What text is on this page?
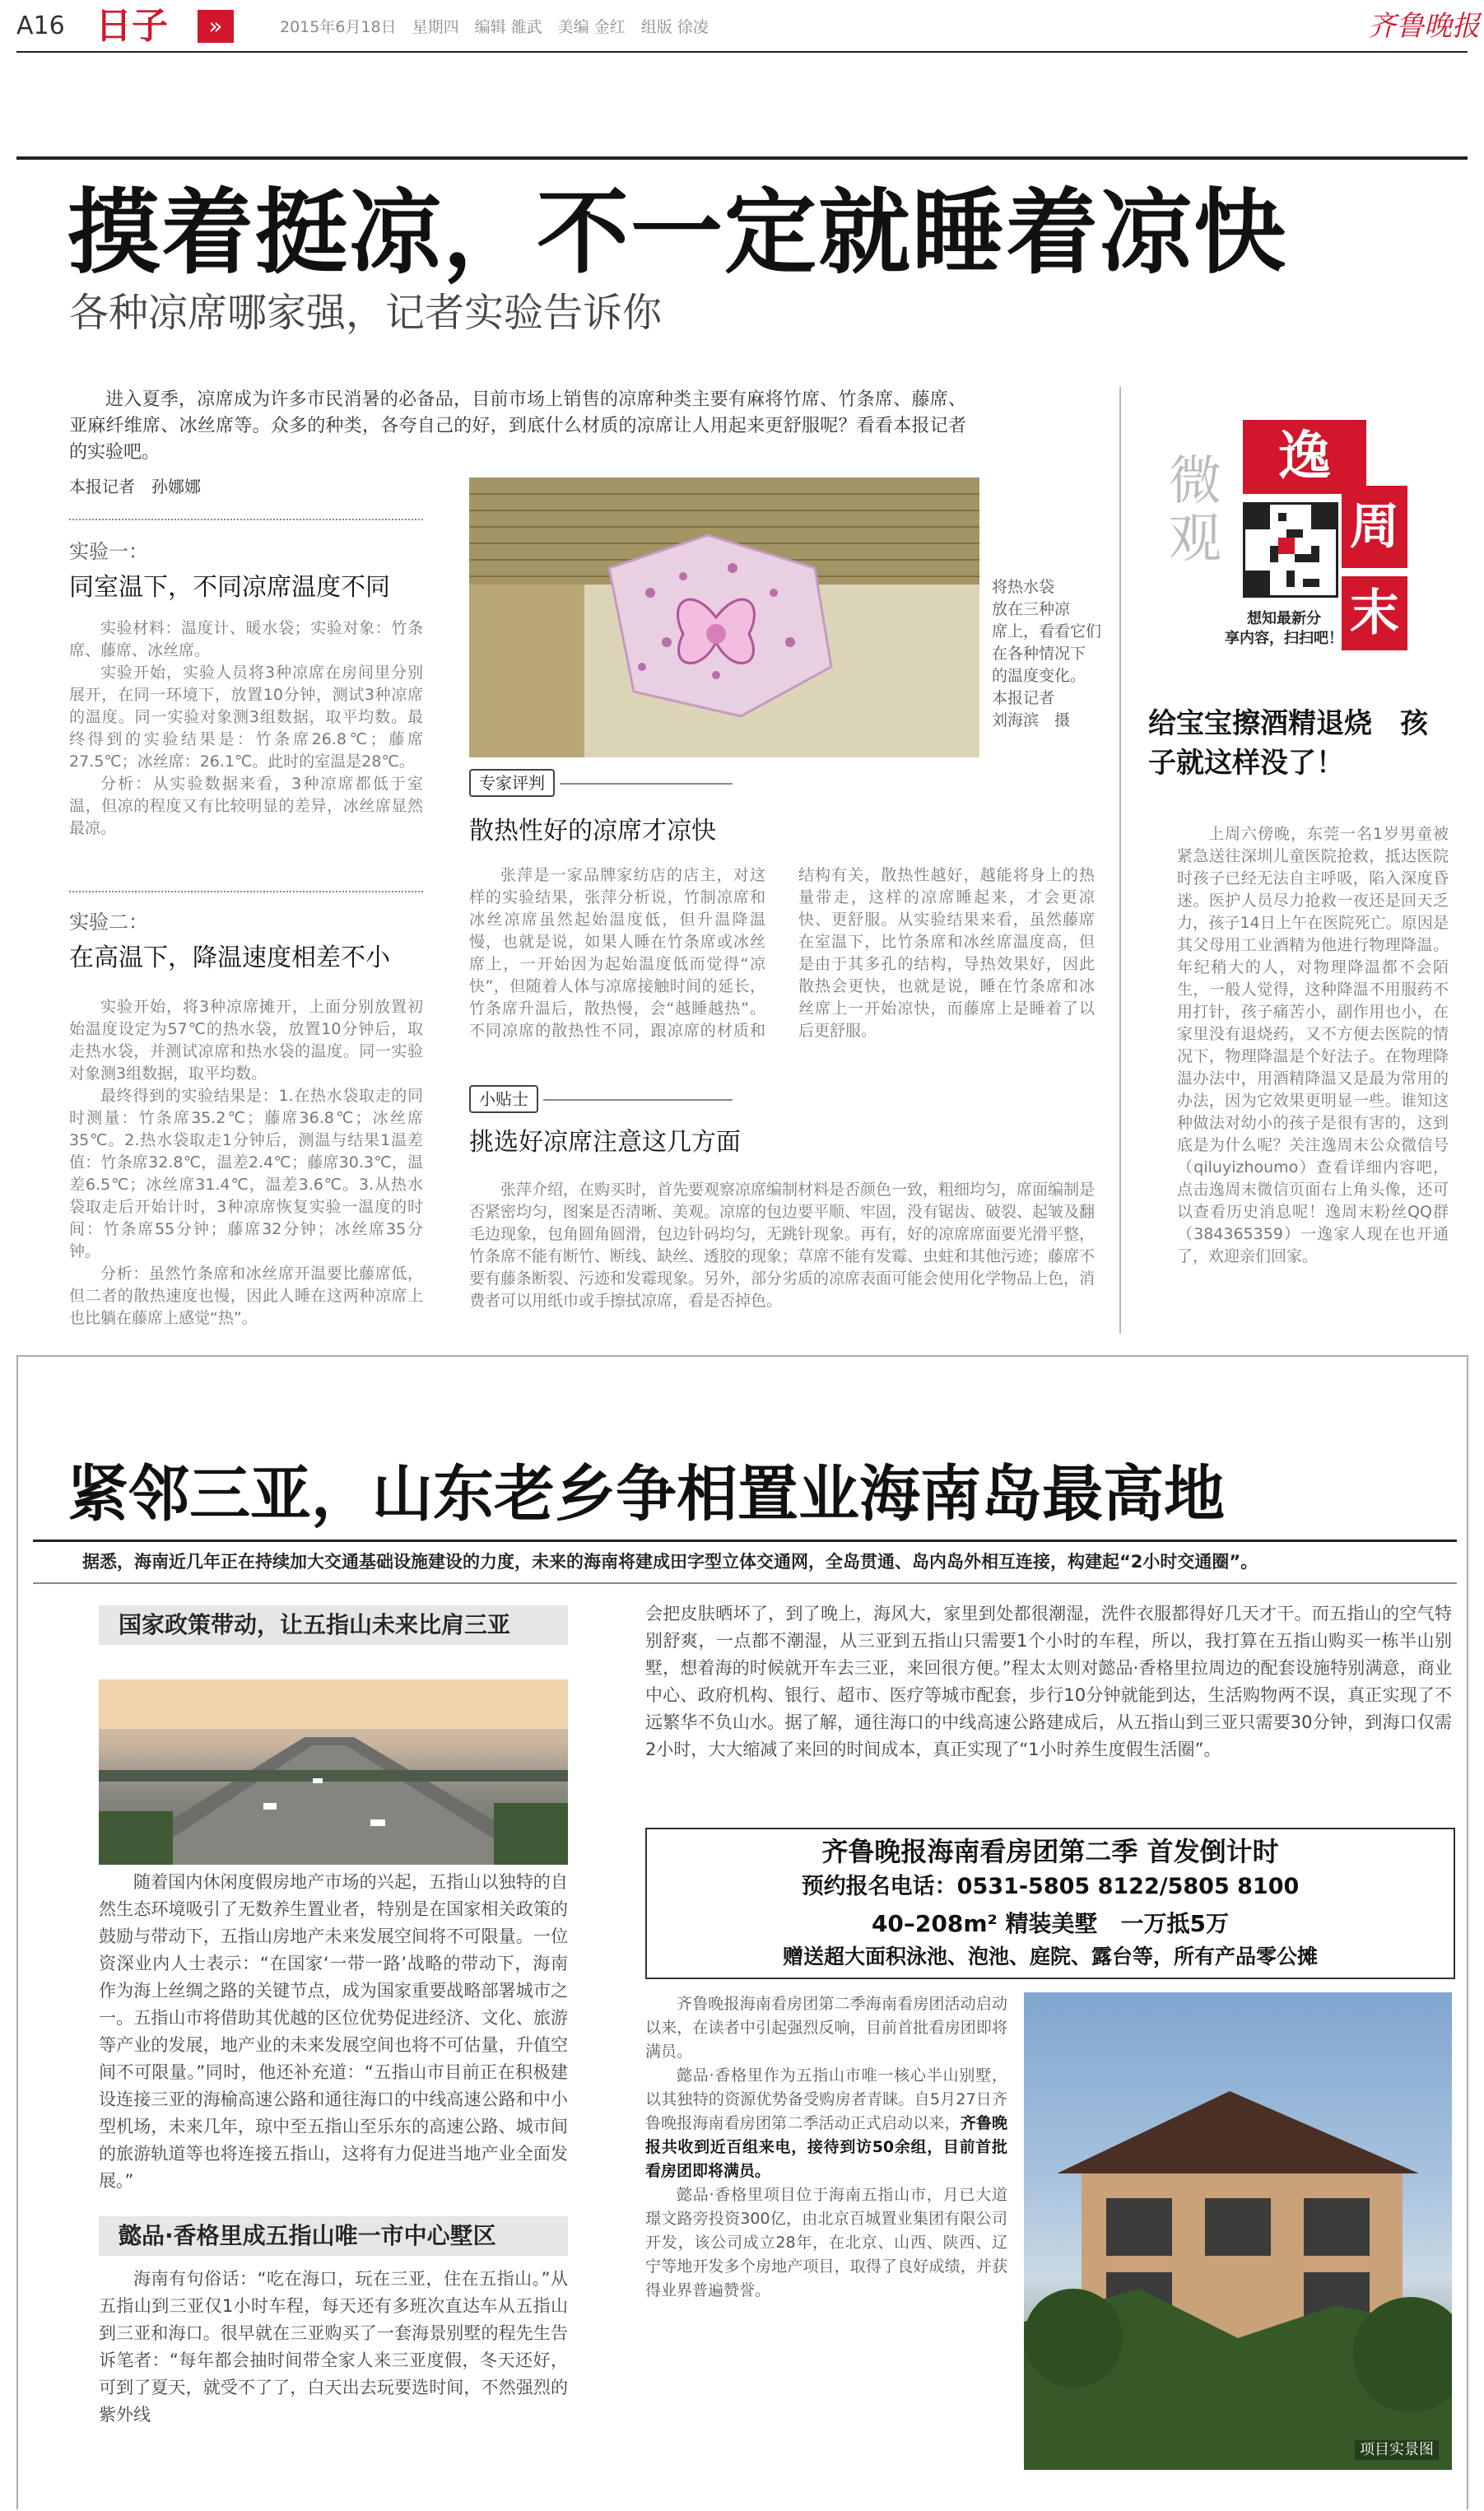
A16 日子	»	2015年6月18日　星期四　编辑 雒武　美编 金红　组版 徐凌	齐鲁晚报
摸着挺凉，不一定就睡着凉快
各种凉席哪家强，记者实验告诉你
进入夏季，凉席成为许多市民消暑的必备品，目前市场上销售的凉席种类主要有麻将竹席、竹条席、藤席、亚麻纤维席、冰丝席等。众多的种类，各夸自己的好，到底什么材质的凉席让人用起来更舒服呢？看看本报记者的实验吧。
本报记者　孙娜娜
实验一：
同室温下，不同凉席温度不同

实验材料：温度计、暖水袋；实验对象：竹条席、藤席、冰丝席。

实验开始，实验人员将3种凉席在房间里分别展开，在同一环境下，放置10分钟，测试3种凉席的温度。同一实验对象测3组数据，取平均数。最终得到的实验结果是：竹条席26.8℃；藤席27.5℃；冰丝席：26.1℃。此时的室温是28℃。

分析：从实验数据来看，3种凉席都低于室温，但凉的程度又有比较明显的差异，冰丝席显然最凉。

实验二：
在高温下，降温速度相差不小

实验开始，将3种凉席摊开，上面分别放置初始温度设定为57℃的热水袋，放置10分钟后，取走热水袋，并测试凉席和热水袋的温度。同一实验对象测3组数据，取平均数。

最终得到的实验结果是：1.在热水袋取走的同时测量：竹条席35.2℃；藤席36.8℃；冰丝席35℃。2.热水袋取走1分钟后，测温与结果1温差值：竹条席32.8℃，温差2.4℃；藤席30.3℃，温差6.5℃；冰丝席31.4℃，温差3.6℃。3.从热水袋取走后开始计时，3种凉席恢复实验一温度的时间：竹条席55分钟；藤席32分钟；冰丝席35分钟。

分析：虽然竹条席和冰丝席开温要比藤席低，但二者的散热速度也慢，因此人睡在这两种凉席上也比躺在藤席上感觉“热”。

将热水袋
放在三种凉
席上，看看它们
在各种情况下
的温度变化。
本报记者
刘海滨　摄
专家评判
散热性好的凉席才凉快
张萍是一家品牌家纺店的店主，对这样的实验结果，张萍分析说，竹制凉席和冰丝凉席虽然起始温度低，但升温降温慢，也就是说，如果人睡在竹条席或冰丝席上，一开始因为起始温度低而觉得“凉快”，但随着人体与凉席接触时间的延长，竹条席升温后，散热慢，会“越睡越热”。不同凉席的散热性不同，跟凉席的材质和结构有关，散热性越好，越能将身上的热量带走，这样的凉席睡起来，才会更凉快、更舒服。从实验结果来看，虽然藤席在室温下，比竹条席和冰丝席温度高，但是由于其多孔的结构，导热效果好，因此散热会更快，也就是说，睡在竹条席和冰丝席上一开始凉快，而藤席上是睡着了以后更舒服。
小贴士
挑选好凉席注意这几方面
张萍介绍，在购买时，首先要观察凉席编制材料是否颜色一致，粗细均匀，席面编制是否紧密均匀，图案是否清晰、美观。凉席的包边要平顺、牢固，没有锯齿、破裂、起皱及翻毛边现象，包角圆角圆滑，包边针码均匀，无跳针现象。再有，好的凉席席面要光滑平整，竹条席不能有断竹、断线、缺丝、透胶的现象；草席不能有发霉、虫蛀和其他污迹；藤席不要有藤条断裂、污迹和发霉现象。另外，部分劣质的凉席表面可能会使用化学物品上色，消费者可以用纸巾或手擦拭凉席，看是否掉色。
微
观
逸
周
末
想知最新分
享内容，扫扫吧！
给宝宝擦酒精退烧　孩子就这样没了！
上周六傍晚，东莞一名1岁男童被紧急送往深圳儿童医院抢救，抵达医院时孩子已经无法自主呼吸，陷入深度昏迷。医护人员尽力抢救一夜还是回天乏力，孩子14日上午在医院死亡。原因是其父母用工业酒精为他进行物理降温。年纪稍大的人，对物理降温都不会陌生，一般人觉得，这种降温不用服药不用打针，孩子痛苦小，副作用也小，在家里没有退烧药，又不方便去医院的情况下，物理降温是个好法子。在物理降温办法中，用酒精降温又是最为常用的办法，因为它效果更明显一些。谁知这种做法对幼小的孩子是很有害的，这到底是为什么呢？关注逸周末公众微信号（qiluyizhoumo）查看详细内容吧，点击逸周末微信页面右上角头像，还可以查看历史消息呢！逸周末粉丝QQ群（384365359）一逸家人现在也开通了，欢迎亲们回家。
紧邻三亚，山东老乡争相置业海南岛最高地
据悉，海南近几年正在持续加大交通基础设施建设的力度，未来的海南将建成田字型立体交通网，全岛贯通、岛内岛外相互连接，构建起“2小时交通圈”。
国家政策带动，让五指山未来比肩三亚
随着国内休闲度假房地产市场的兴起，五指山以独特的自然生态环境吸引了无数养生置业者，特别是在国家相关政策的鼓励与带动下，五指山房地产未来发展空间将不可限量。一位资深业内人士表示：“在国家‘一带一路’战略的带动下，海南作为海上丝绸之路的关键节点，成为国家重要战略部署城市之一。五指山市将借助其优越的区位优势促进经济、文化、旅游等产业的发展，地产业的未来发展空间也将不可估量，升值空间不可限量。”同时，他还补充道：“五指山市目前正在积极建设连接三亚的海榆高速公路和通往海口的中线高速公路和中小型机场，未来几年，琼中至五指山至乐东的高速公路、城市间的旅游轨道等也将连接五指山，这将有力促进当地产业全面发展。”
懿品·香格里成五指山唯一市中心墅区
海南有句俗话：“吃在海口，玩在三亚，住在五指山。”从五指山到三亚仅1小时车程，每天还有多班次直达车从五指山到三亚和海口。很早就在三亚购买了一套海景别墅的程先生告诉笔者：“每年都会抽时间带全家人来三亚度假，冬天还好，可到了夏天，就受不了了，白天出去玩要选时间，不然强烈的紫外线
会把皮肤晒坏了，到了晚上，海风大，家里到处都很潮湿，洗件衣服都得好几天才干。而五指山的空气特别舒爽，一点都不潮湿，从三亚到五指山只需要1个小时的车程，所以，我打算在五指山购买一栋半山别墅，想着海的时候就开车去三亚，来回很方便。”程太太则对懿品·香格里拉周边的配套设施特别满意，商业中心、政府机构、银行、超市、医疗等城市配套，步行10分钟就能到达，生活购物两不误，真正实现了不远繁华不负山水。据了解，通往海口的中线高速公路建成后，从五指山到三亚只需要30分钟，到海口仅需2小时，大大缩减了来回的时间成本，真正实现了“1小时养生度假生活圈”。
齐鲁晚报海南看房团第二季 首发倒计时
预约报名电话：0531-5805 8122/5805 8100
40–208m² 精装美墅　一万抵5万
赠送超大面积泳池、泡池、庭院、露台等，所有产品零公摊

齐鲁晚报海南看房团第二季海南看房团活动启动以来，在读者中引起强烈反响，目前首批看房团即将满员。

懿品·香格里作为五指山市唯一核心半山别墅，以其独特的资源优势备受购房者青睐。自5月27日齐鲁晚报海南看房团第二季活动正式启动以来，齐鲁晚报共收到近百组来电，接待到访50余组，目前首批看房团即将满员。

懿品·香格里项目位于海南五指山市，月已大道璟文路旁投资300亿，由北京百城置业集团有限公司开发，该公司成立28年，在北京、山西、陕西、辽宁等地开发多个房地产项目，取得了良好成绩，并获得业界普遍赞誉。

项目实景图
